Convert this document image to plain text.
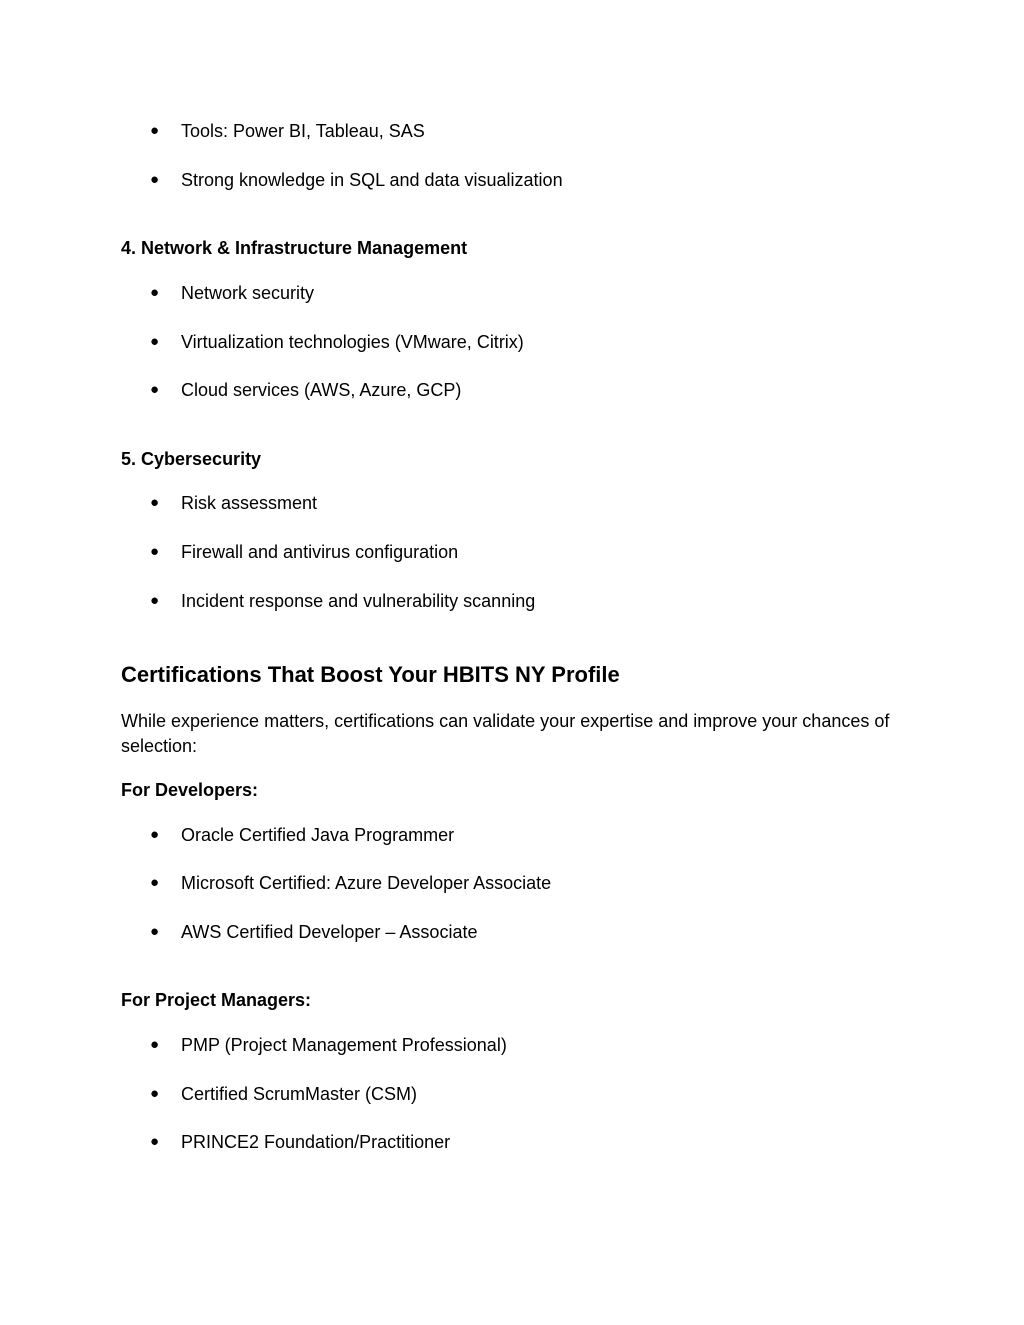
● Tools: Power BI, Tableau, SAS
● Strong knowledge in SQL and data visualization
4. Network & Infrastructure Management
● Network security
● Virtualization technologies (VMware, Citrix)
● Cloud services (AWS, Azure, GCP)
5. Cybersecurity
● Risk assessment
● Firewall and antivirus configuration
● Incident response and vulnerability scanning
Certifications That Boost Your HBITS NY Profile
While experience matters, certifications can validate your expertise and improve your chances of selection:
For Developers:
● Oracle Certified Java Programmer
● Microsoft Certified: Azure Developer Associate
● AWS Certified Developer – Associate
For Project Managers:
● PMP (Project Management Professional)
● Certified ScrumMaster (CSM)
● PRINCE2 Foundation/Practitioner
